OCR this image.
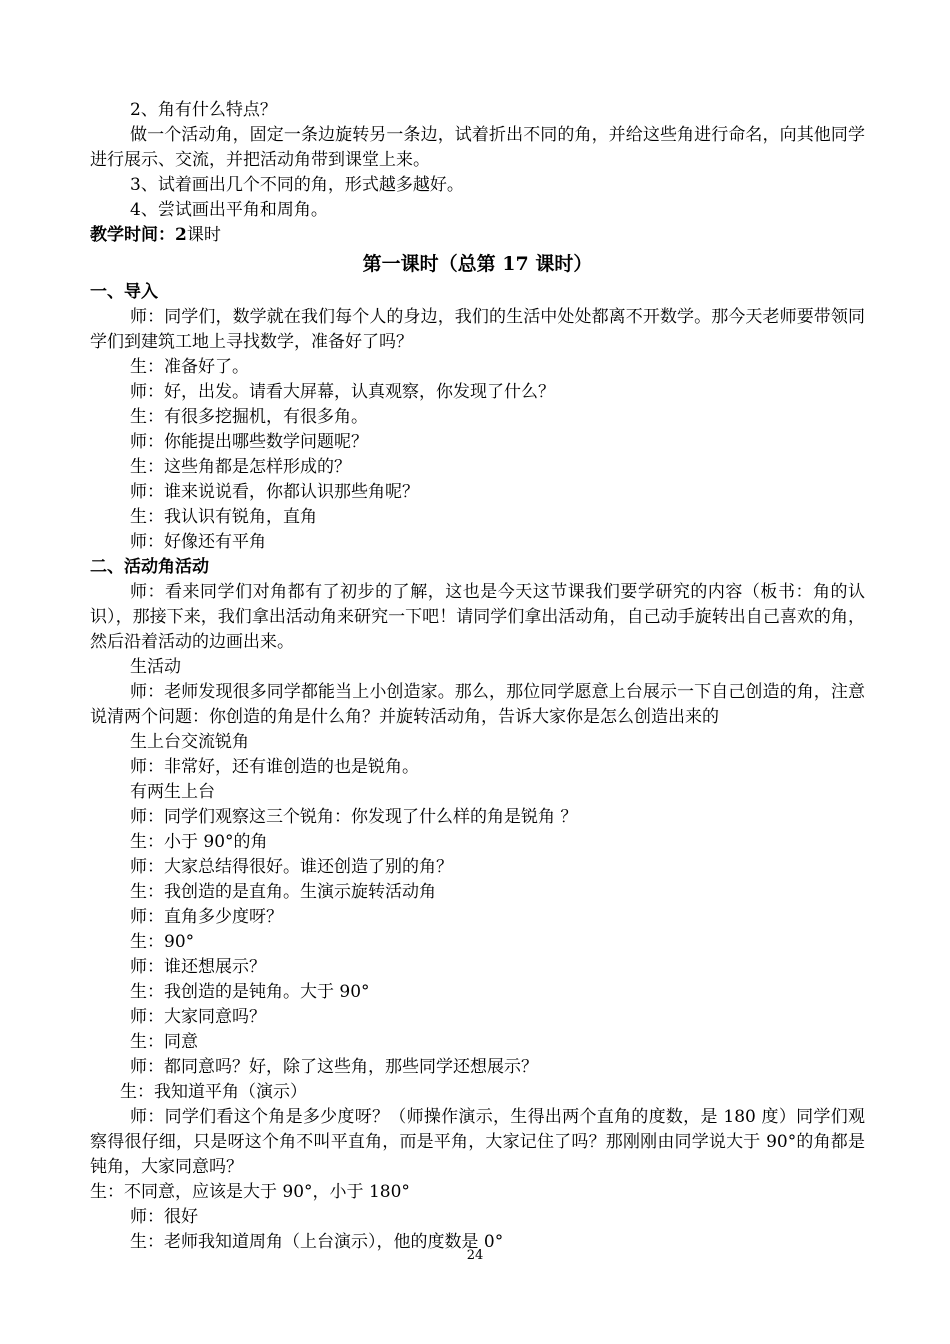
2、角有什么特点？
做一个活动角，固定一条边旋转另一条边，试着折出不同的角，并给这些角进行命名，向其他同学进行展示、交流，并把活动角带到课堂上来。
3、试着画出几个不同的角，形式越多越好。
4、尝试画出平角和周角。
教学时间：2课时
第一课时（总第 17 课时）
一、导入
师：同学们，数学就在我们每个人的身边，我们的生活中处处都离不开数学。那今天老师要带领同学们到建筑工地上寻找数学，准备好了吗？
生：准备好了。
师：好，出发。请看大屏幕，认真观察，你发现了什么？
生：有很多挖掘机，有很多角。
师：你能提出哪些数学问题呢？
生：这些角都是怎样形成的？
师：谁来说说看，你都认识那些角呢？
生：我认识有锐角，直角
师：好像还有平角
二、活动角活动
师：看来同学们对角都有了初步的了解，这也是今天这节课我们要学研究的内容（板书：角的认识），那接下来，我们拿出活动角来研究一下吧！请同学们拿出活动角，自己动手旋转出自己喜欢的角，然后沿着活动的边画出来。
生活动
师：老师发现很多同学都能当上小创造家。那么，那位同学愿意上台展示一下自己创造的角，注意说清两个问题：你创造的角是什么角？并旋转活动角，告诉大家你是怎么创造出来的
生上台交流锐角
师：非常好，还有谁创造的也是锐角。
有两生上台
师：同学们观察这三个锐角：你发现了什么样的角是锐角 ？
生：小于 90°的角
师：大家总结得很好。谁还创造了别的角？
生：我创造的是直角。生演示旋转活动角
师：直角多少度呀？
生：90°
师：谁还想展示？
生：我创造的是钝角。大于 90°
师：大家同意吗？
生：同意
师：都同意吗？好，除了这些角，那些同学还想展示？
生：我知道平角（演示）
师：同学们看这个角是多少度呀？（师操作演示，生得出两个直角的度数，是 180 度）同学们观察得很仔细，只是呀这个角不叫平直角，而是平角，大家记住了吗？那刚刚由同学说大于 90°的角都是钝角，大家同意吗？
生：不同意，应该是大于 90°，小于 180°
师：很好
生：老师我知道周角（上台演示），他的度数是 0°
24
